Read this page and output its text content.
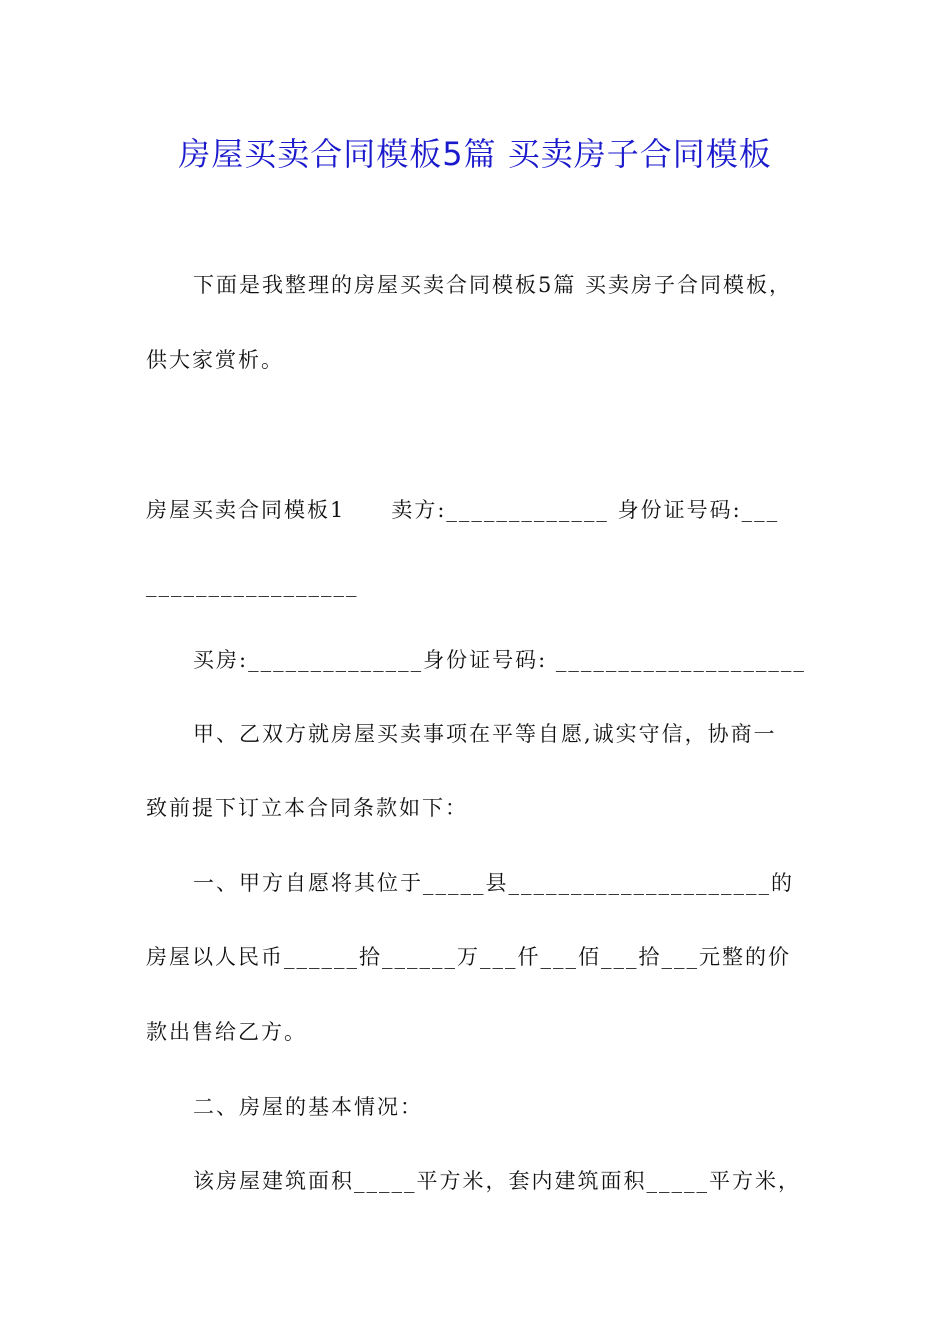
房屋买卖合同模板5篇 买卖房子合同模板
下面是我整理的房屋买卖合同模板5篇 买卖房子合同模板，
供大家赏析。
房屋买卖合同模板1　　卖方:_____________ 身份证号码:___
_________________
买房:______________身份证号码: ____________________
甲、乙双方就房屋买卖事项在平等自愿,诚实守信，协商一
致前提下订立本合同条款如下：
一、甲方自愿将其位于_____县_____________________的
房屋以人民币______拾______万___仟___佰___拾___元整的价
款出售给乙方。
二、房屋的基本情况：
该房屋建筑面积_____平方米，套内建筑面积_____平方米，
